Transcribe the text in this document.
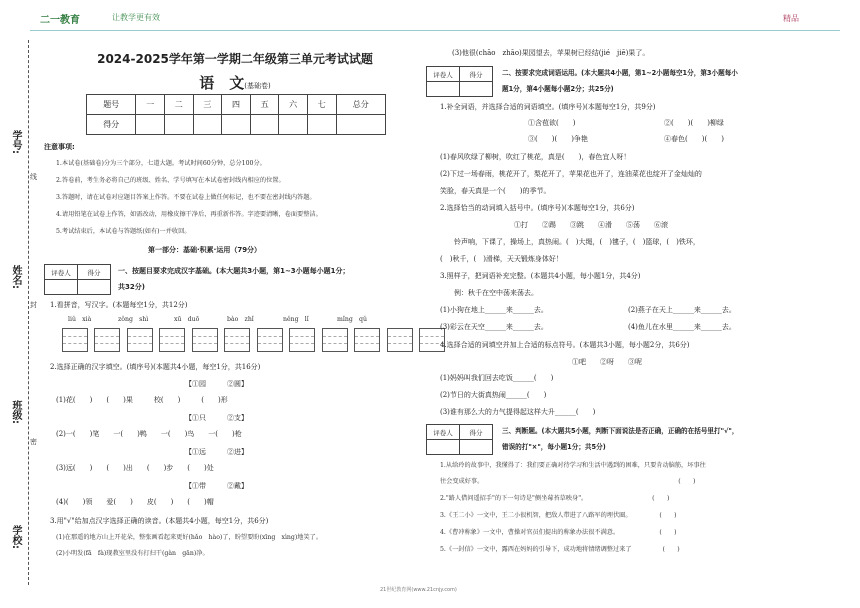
二一教育	让教学更有效	精品
学号:
姓名:
班级:
学校:
线
封
密
2024-2025学年第一学期二年级第三单元考试试题
语　文(基础卷)
题号	一	二	三	四	五	六	七	总分
得分								
注意事项:
1.本试卷(基础卷)分为三个部分，七道大题。考试时间60分钟，总分100分。
2.答卷前，考生务必将自己的班级、姓名、学号填写在本试卷密封线内相应的位置。
3.答题时，请在试卷对应题目答案上作答。不要在试卷上做任何标记，也不要在密封线内答题。
4.请用铅笔在试卷上作答，如需改动，用橡皮擦干净后，再重新作答。字迹要清晰，卷面要整洁。
5.考试结束后，本试卷与答题纸(如有)一并收回。
第一部分：基础·积累·运用（79分）
评卷人	得分
		一、按题目要求完成汉字基础。(本大题共3小题，第1~3小题每小题1分；
共32分)
1.看拼音，写汉字。(本题每空1分，共12分)
liǔ　xià	zǒng　shì	xū　duō	bào　zhǐ	něng　lǐ	mǐng　qǔ

2.选择正确的汉字填空。(填序号)(本题共4小题，每空1分，共16分)
【①园　　　②圆】
(1)花(　　)　　(　　)果　　　校(　　)　　　(　　)形
【①只　　　②支】
(2)一(　　)笔　　一(　　)鸭　　一(　　)鸟　　一(　　)枪
【①远　　　②进】
(3)远(　　)　　(　　)出　　(　　)步　　(　　)处
【①带　　　②戴】
(4)(　　)领　　爱(　　)　　皮(　　)　　(　　)帽
3.用"√"给加点汉字选择正确的读音。(本题共4小题，每空1分，共6分)
(1)在那遥的地方山上开花朵，整张画看起来更好(hǎo　hào)了，盼望要盼(xīng　xìng)地笑了。
(2)小明发(fā　fà)现教室里没有打扫干(gàn　gān)净。
(3)他很(chāo　zhāo)果园望去，苹果树已经结(jié　jiē)果了。
评卷人	得分
		二、按要求完成词语运用。(本大题共4小题，第1~2小题每空1分，第3小题每小
题1分，第4小题每小题2分；共25分)
1.补全词语，并选择合适的词语填空。(填序号)(本题每空1分，共9分)
①含苞欲(　　)	②(　　)(　　)柳绿
③(　　)(　　)争艳	④春色(　　)(　　)
(1)春风吹绿了柳树，吹红了桃花，真是(　　)，春色宜人呀！
(2)下过一场春雨，桃花开了，梨花开了，苹果花也开了，连油菜花也绽开了金灿灿的
笑脸，春天真是一个(　　)的季节。
2.选择恰当的动词填入括号中。(填序号)(本题每空1分，共6分)
①打　　②踢　　③跳　　④滑　　⑤荡　　⑥滚
铃声响，下课了，操场上，真热闹。(　)大绳，(　)毽子，(　)篮球，(　)铁环，
(　)秋千，(　)滑梯，天天锻炼身体好！
3.照样子，把词语补充完整。(本题共4小题，每小题1分，共4分)
例：秋千在空中荡来荡去。
(1)小狗在地上______来______去。	(2)燕子在天上______来______去。
(3)彩云在天空______来______去。	(4)鱼儿在水里______来______去。
4.选择合适的词填空并加上合适的标点符号。(本题共3小题，每小题2分，共6分)
①吧　　②呀　　③呢
(1)妈妈叫我们回去吃饭______(　　)
(2)节日的大街真热闹______(　　)
(3)谁有那么大的力气提得起这样大升______(　　)
评卷人	得分
		三、判断题。(本大题共5小题，判断下面说法是否正确，正确的在括号里打"√"，
错误的打"×"，每小题1分；共5分)
1.从给玲的故事中，我懂得了：我们要正确对待学习和生活中遇到的困难，只要肯动脑筋，坏事往
往会变成好事。　　　　　　　　　　　　　　　　　　　　　　　　　　　　　　　　(　　)
2."路人借问遥招手"的下一句诗是"侧坐莓苔草映身"。　　　　　　　　　　　(　　)
3.《王二小》一文中，王二小很机智，把敌人带进了八路军的埋伏圈。　　　　　(　　)
4.《曹冲称象》一文中，曹操对官员们提出的称象办法很不满意。　　　　　　　(　　)
5.《一封信》一文中，露西在妈妈的引导下，成功地将情绪调整过来了　　　　　(　　)
21世纪教育网(www.21cnjy.com)
